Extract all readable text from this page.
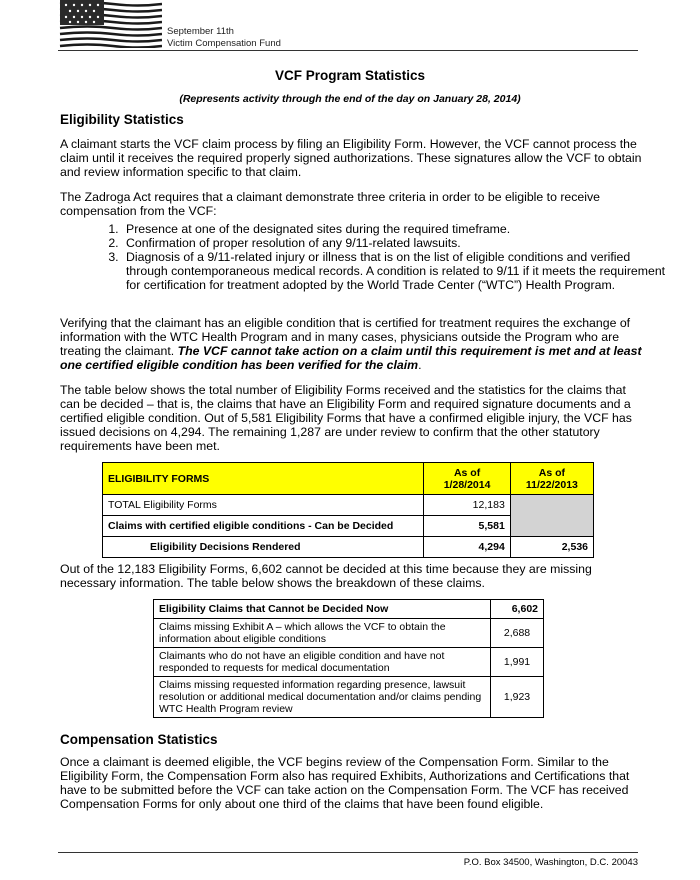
September 11th
Victim Compensation Fund
VCF Program Statistics
(Represents activity through the end of the day on January 28, 2014)
Eligibility Statistics

A claimant starts the VCF claim process by filing an Eligibility Form. However, the VCF cannot process the claim until it receives the required properly signed authorizations. These signatures allow the VCF to obtain and review information specific to that claim.

The Zadroga Act requires that a claimant demonstrate three criteria in order to be eligible to receive compensation from the VCF:

1. Presence at one of the designated sites during the required timeframe.
2. Confirmation of proper resolution of any 9/11-related lawsuits.
3. Diagnosis of a 9/11-related injury or illness that is on the list of eligible conditions and verified through contemporaneous medical records. A condition is related to 9/11 if it meets the requirement for certification for treatment adopted by the World Trade Center (“WTC”) Health Program.

Verifying that the claimant has an eligible condition that is certified for treatment requires the exchange of information with the WTC Health Program and in many cases, physicians outside the Program who are treating the claimant. The VCF cannot take action on a claim until this requirement is met and at least one certified eligible condition has been verified for the claim.

The table below shows the total number of Eligibility Forms received and the statistics for the claims that can be decided – that is, the claims that have an Eligibility Form and required signature documents and a certified eligible condition. Out of 5,581 Eligibility Forms that have a confirmed eligible injury, the VCF has issued decisions on 4,294. The remaining 1,287 are under review to confirm that the other statutory requirements have been met.

ELIGIBILITY FORMS	As of 1/28/2014	As of 11/22/2013
TOTAL Eligibility Forms	12,183	
Claims with certified eligible conditions - Can be Decided	5,581	
Eligibility Decisions Rendered	4,294	2,536

Out of the 12,183 Eligibility Forms, 6,602 cannot be decided at this time because they are missing necessary information. The table below shows the breakdown of these claims.

Eligibility Claims that Cannot be Decided Now	6,602
Claims missing Exhibit A – which allows the VCF to obtain the information about eligible conditions	2,688
Claimants who do not have an eligible condition and have not responded to requests for medical documentation	1,991
Claims missing requested information regarding presence, lawsuit resolution or additional medical documentation and/or claims pending WTC Health Program review	1,923
Compensation Statistics

Once a claimant is deemed eligible, the VCF begins review of the Compensation Form. Similar to the Eligibility Form, the Compensation Form also has required Exhibits, Authorizations and Certifications that have to be submitted before the VCF can take action on the Compensation Form. The VCF has received Compensation Forms for only about one third of the claims that have been found eligible.

P.O. Box 34500, Washington, D.C. 20043
